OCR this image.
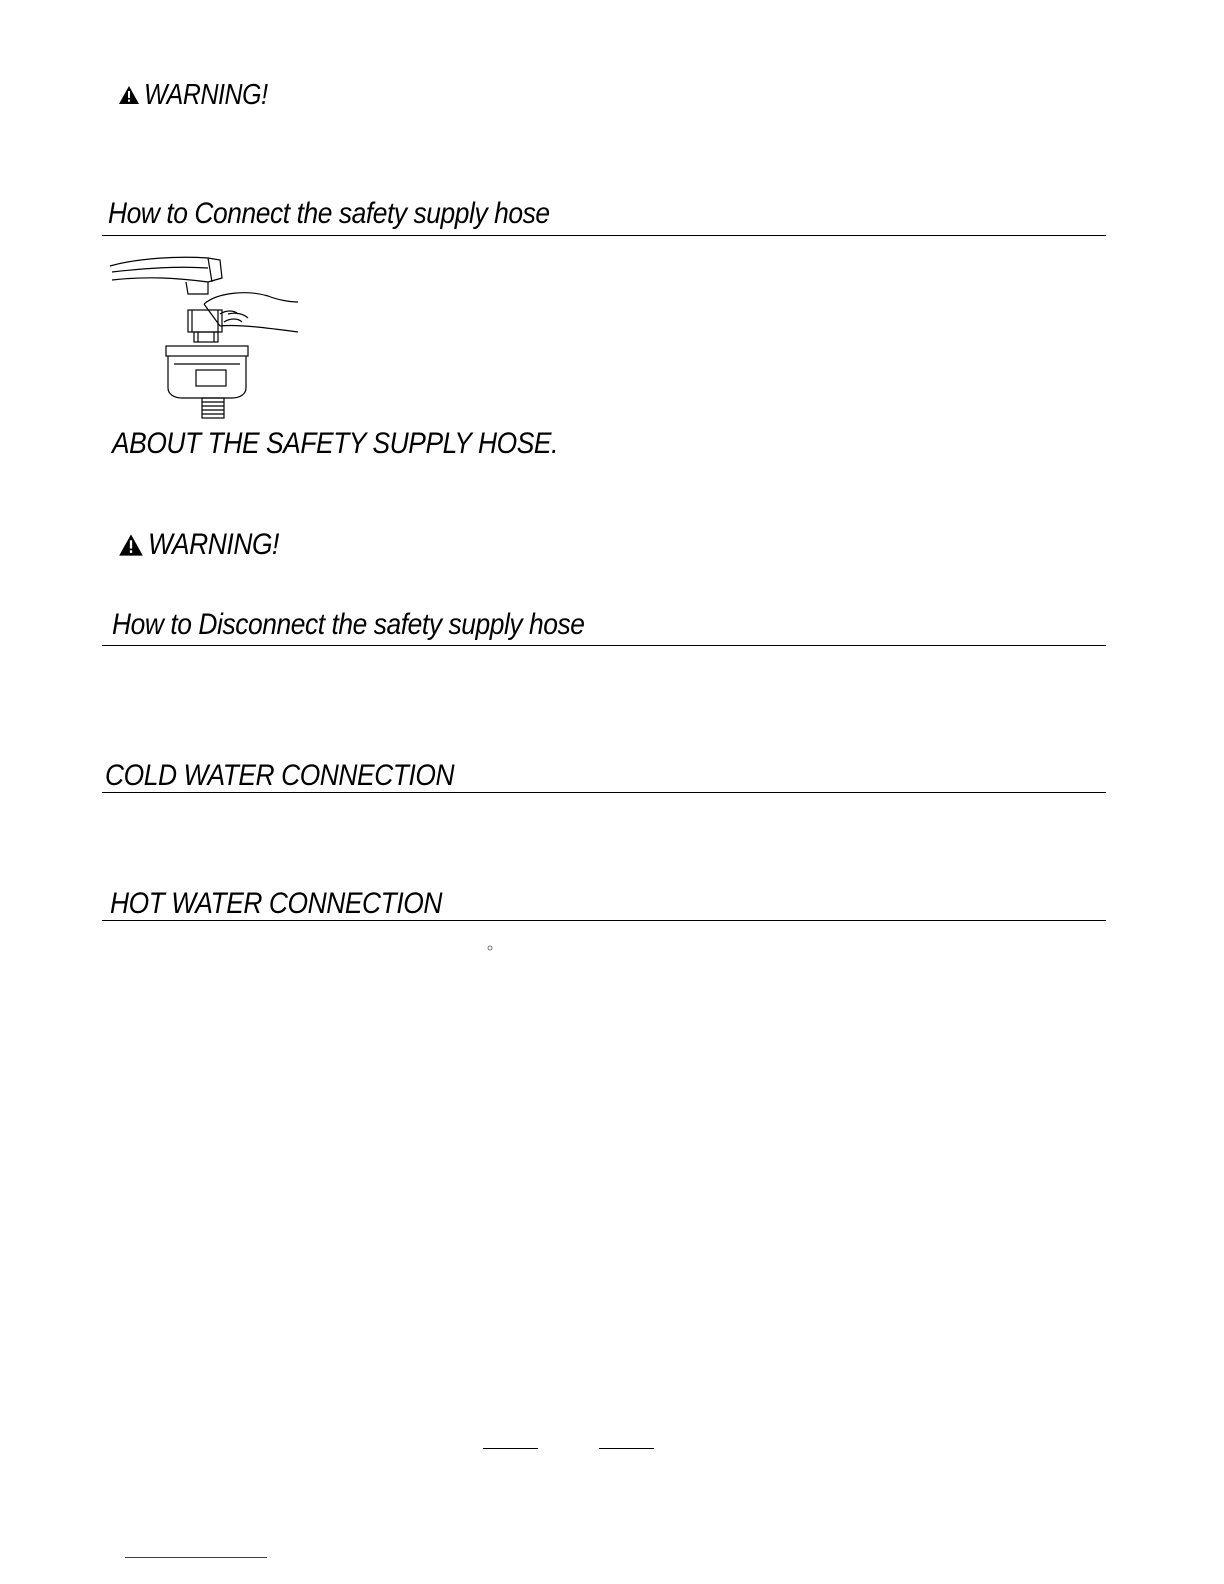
WARNING!
How to Connect the safety supply hose
ABOUT THE SAFETY SUPPLY HOSE.
WARNING!
How to Disconnect the safety supply hose
COLD WATER CONNECTION
HOT WATER CONNECTION
